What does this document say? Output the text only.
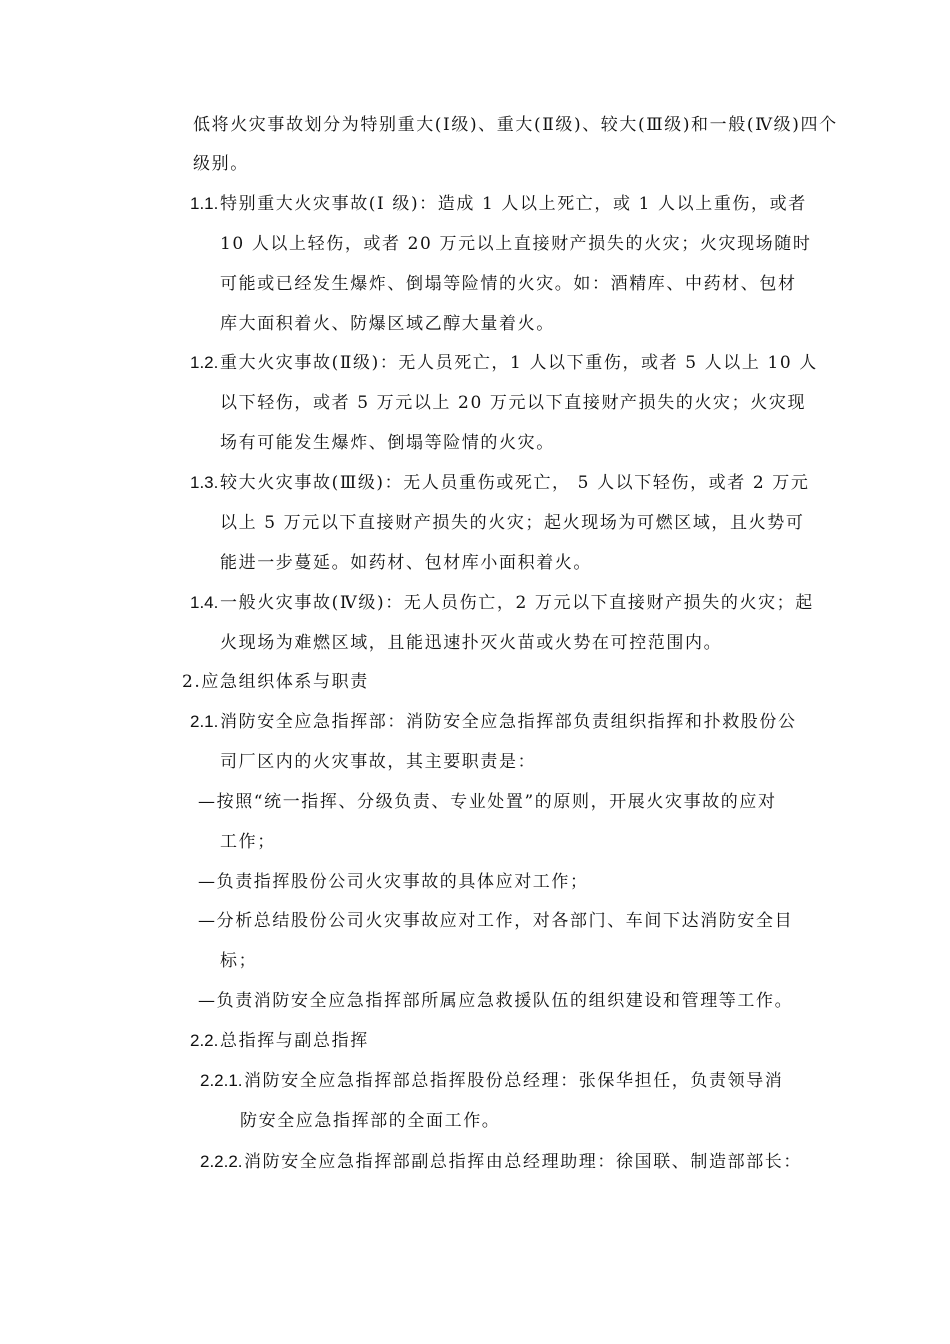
低将火灾事故划分为特别重大(Ⅰ级)、重大(Ⅱ级)、较大(Ⅲ级)和一般(Ⅳ级)四个
级别。
1.1. 特别重大火灾事故(I 级)：造成 1 人以上死亡，或 1 人以上重伤，或者
10 人以上轻伤，或者 20 万元以上直接财产损失的火灾；火灾现场随时
可能或已经发生爆炸、倒塌等险情的火灾。如：酒精库、中药材、包材
库大面积着火、防爆区域乙醇大量着火。
1.2. 重大火灾事故(Ⅱ级)：无人员死亡，1 人以下重伤，或者 5 人以上 10 人
以下轻伤，或者 5 万元以上 20 万元以下直接财产损失的火灾；火灾现
场有可能发生爆炸、倒塌等险情的火灾。
1.3. 较大火灾事故(Ⅲ级)：无人员重伤或死亡， 5 人以下轻伤，或者 2 万元
以上 5 万元以下直接财产损失的火灾；起火现场为可燃区域，且火势可
能进一步蔓延。如药材、包材库小面积着火。
1.4. 一般火灾事故(Ⅳ级)：无人员伤亡，2 万元以下直接财产损失的火灾；起
火现场为难燃区域，且能迅速扑灭火苗或火势在可控范围内。
2.应急组织体系与职责
2.1. 消防安全应急指挥部：消防安全应急指挥部负责组织指挥和扑救股份公
司厂区内的火灾事故，其主要职责是：
—按照“统一指挥、分级负责、专业处置”的原则，开展火灾事故的应对
工作；
—负责指挥股份公司火灾事故的具体应对工作；
—分析总结股份公司火灾事故应对工作，对各部门、车间下达消防安全目
标；
—负责消防安全应急指挥部所属应急救援队伍的组织建设和管理等工作。
2.2. 总指挥与副总指挥
2.2.1. 消防安全应急指挥部总指挥股份总经理：张保华担任，负责领导消
防安全应急指挥部的全面工作。
2.2.2. 消防安全应急指挥部副总指挥由总经理助理：徐国联、制造部部长：
